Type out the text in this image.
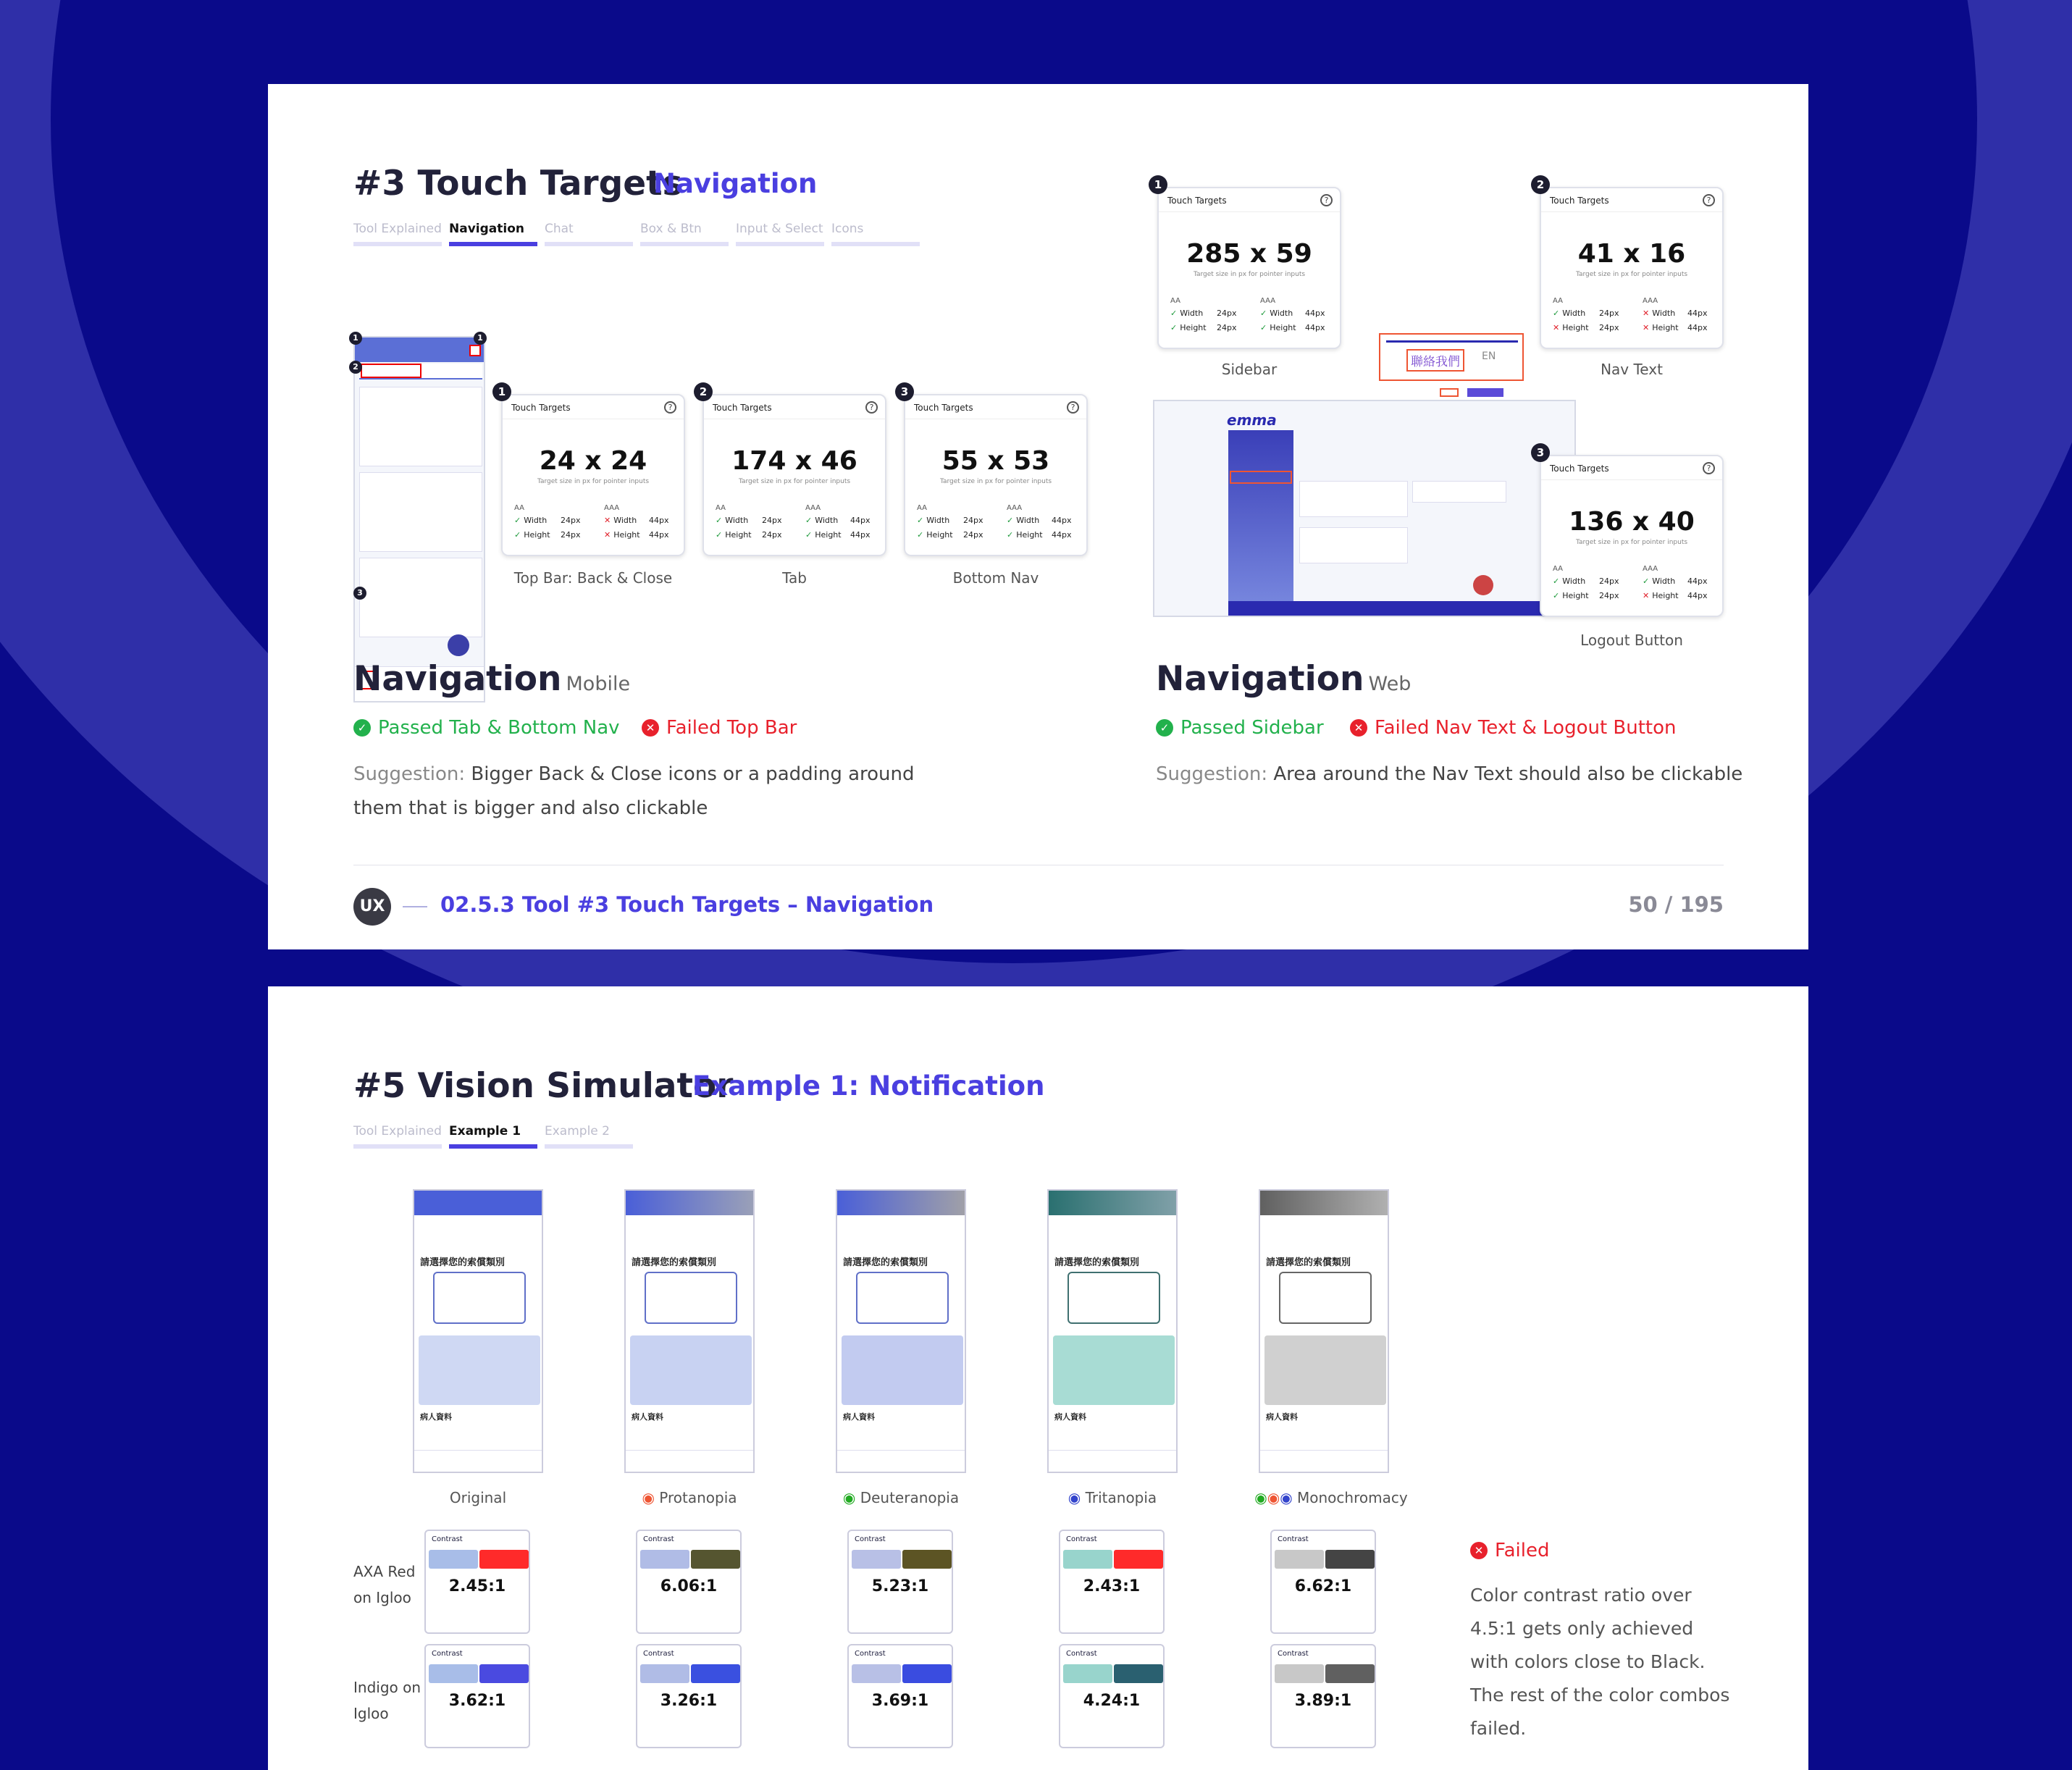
#3 Touch Targets
Navigation
Tool Explained Navigation	Chat	Box & Btn	Input & Select Icons
1	1
2
3
Touch Targets	?
24 x 24
Target size in px for pointer inputs
AA	AAA
✓ Width 24px	✕ Width 44px
✓ Height 24px	✕ Height 44px
1
Top Bar: Back & Close
Touch Targets	?
174 x 46
Target size in px for pointer inputs
AA	AAA
✓ Width 24px	✓ Width 44px
✓ Height 24px	✓ Height 44px
2
Tab
Touch Targets	?
55 x 53
Target size in px for pointer inputs
AA	AAA
✓ Width 24px	✓ Width 44px
✓ Height 24px	✓ Height 44px
3
Bottom Nav
Touch Targets	?
285 x 59
Target size in px for pointer inputs
AA	AAA
✓ Width 24px	✓ Width 44px
✓ Height 24px	✓ Height 44px
1
Sidebar
Touch Targets	?
41 x 16
Target size in px for pointer inputs
AA	AAA
✓ Width 24px	✕ Width 44px
✕ Height 24px	✕ Height 44px
2
Nav Text
聯絡我們	EN
emma
Touch Targets	?
136 x 40
Target size in px for pointer inputs
AA	AAA
✓ Width 24px	✓ Width 44px
✓ Height 24px	✕ Height 44px
3
Logout Button
Navigation Mobile
✓ Passed Tab & Bottom Nav	✕ Failed Top Bar
Suggestion: Bigger Back & Close icons or a padding around them that is bigger and also clickable
Navigation Web
✓ Passed Sidebar	✕ Failed Nav Text & Logout Button
Suggestion: Area around the Nav Text should also be clickable
UX	02.5.3 Tool #3 Touch Targets – Navigation	50 / 195
#5 Vision Simulator
Example 1: Notification
Tool Explained Example 1	Example 2
請選擇您的索償類別
病人資料
請選擇您的索償類別
病人資料
請選擇您的索償類別
病人資料
請選擇您的索償類別
病人資料
請選擇您的索償類別
病人資料
Original	◉ Protanopia	◉ Deuteranopia	◉ Tritanopia	◉◉◉ Monochromacy
AXA Red on Igloo
Indigo on Igloo
Contrast
2.45:1
Contrast
6.06:1
Contrast
5.23:1
Contrast
2.43:1
Contrast
6.62:1
Contrast
3.62:1
Contrast
3.26:1
Contrast
3.69:1
Contrast
4.24:1
Contrast
3.89:1
✕ Failed
Color contrast ratio over 4.5:1 gets only achieved with colors close to Black. The rest of the color combos failed.
